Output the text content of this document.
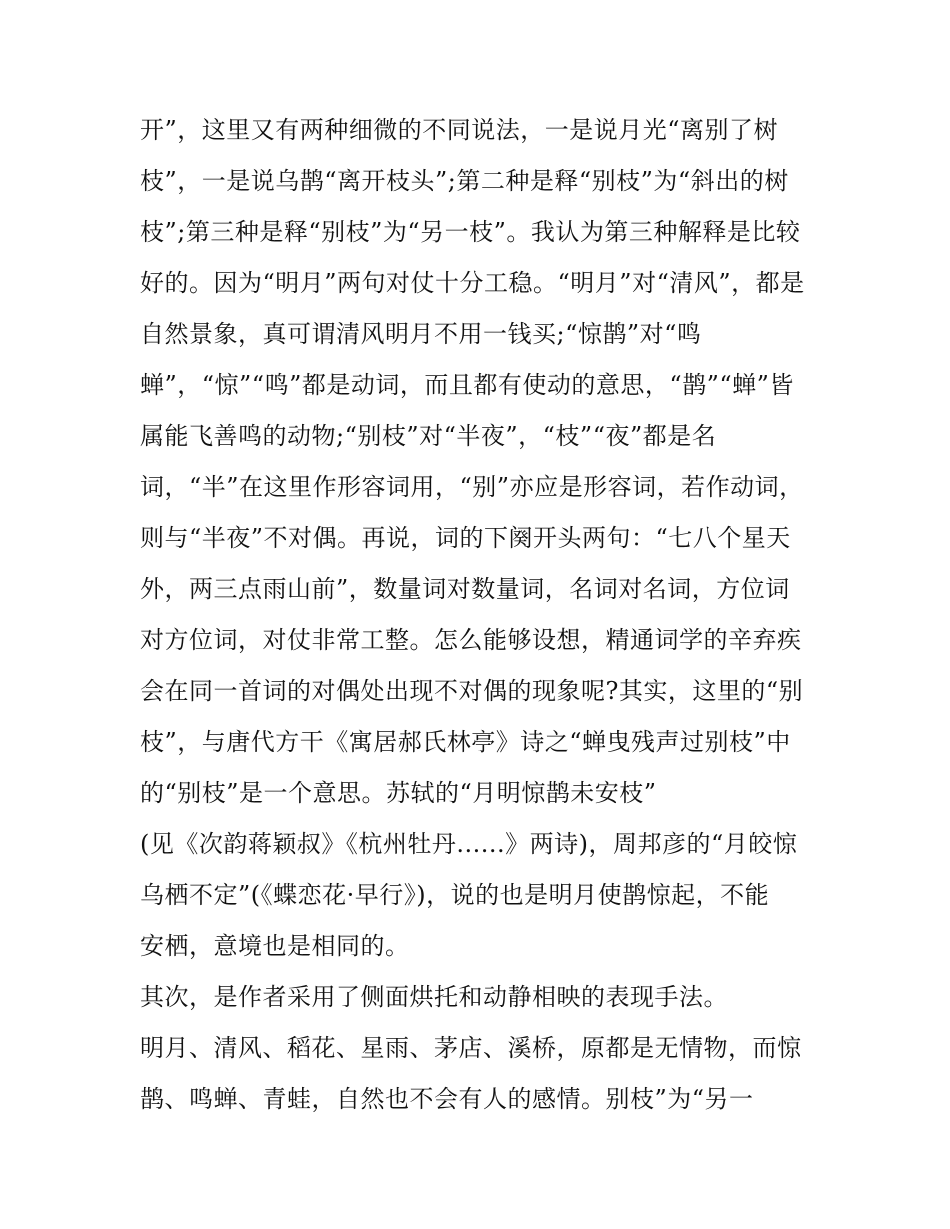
开”，这里又有两种细微的不同说法，一是说月光“离别了树
枝”，一是说乌鹊“离开枝头”;第二种是释“别枝”为“斜出的树
枝”;第三种是释“别枝”为“另一枝”。我认为第三种解释是比较
好的。因为“明月”两句对仗十分工稳。“明月”对“清风”，都是
自然景象，真可谓清风明月不用一钱买;“惊鹊”对“鸣
蝉”，“惊”“鸣”都是动词，而且都有使动的意思，“鹊”“蝉”皆
属能飞善鸣的动物;“别枝”对“半夜”，“枝”“夜”都是名
词，“半”在这里作形容词用，“别”亦应是形容词，若作动词，
则与“半夜”不对偶。再说，词的下阕开头两句：“七八个星天
外，两三点雨山前”，数量词对数量词，名词对名词，方位词
对方位词，对仗非常工整。怎么能够设想，精通词学的辛弃疾
会在同一首词的对偶处出现不对偶的现象呢?其实，这里的“别
枝”，与唐代方干《寓居郝氏林亭》诗之“蝉曳残声过别枝”中
的“别枝”是一个意思。苏轼的“月明惊鹊未安枝”
(见《次韵蒋颖叔》《杭州牡丹......》两诗)，周邦彦的“月皎惊
乌栖不定”(《蝶恋花·早行》)，说的也是明月使鹊惊起，不能
安栖，意境也是相同的。
其次，是作者采用了侧面烘托和动静相映的表现手法。
明月、清风、稻花、星雨、茅店、溪桥，原都是无情物，而惊
鹊、鸣蝉、青蛙，自然也不会有人的感情。别枝”为“另一
